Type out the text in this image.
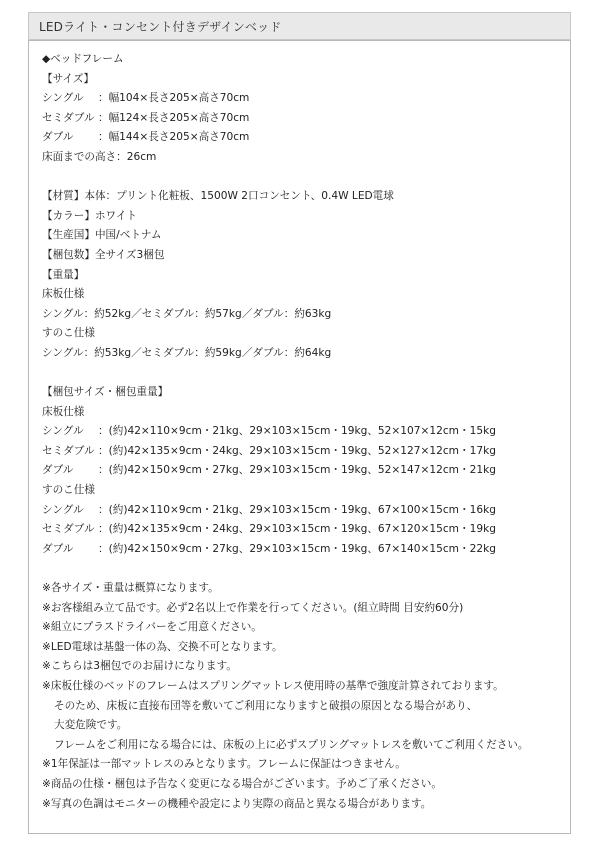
LEDライト・コンセント付きデザインベッド
◆ベッドフレーム
【サイズ】
シングル ：幅104×長さ205×高さ70cm
セミダブル ：幅124×長さ205×高さ70cm
ダブル ：幅144×長さ205×高さ70cm
床面までの高さ：26cm
【材質】本体：プリント化粧板、1500W 2口コンセント、0.4W LED電球
【カラー】ホワイト
【生産国】中国/ベトナム
【梱包数】全サイズ3梱包
【重量】
床板仕様
シングル：約52kg／セミダブル：約57kg／ダブル：約63kg
すのこ仕様
シングル：約53kg／セミダブル：約59kg／ダブル：約64kg
【梱包サイズ・梱包重量】
床板仕様
シングル ：(約)42×110×9cm・21kg、29×103×15cm・19kg、52×107×12cm・15kg
セミダブル ：(約)42×135×9cm・24kg、29×103×15cm・19kg、52×127×12cm・17kg
ダブル ：(約)42×150×9cm・27kg、29×103×15cm・19kg、52×147×12cm・21kg
すのこ仕様
シングル ：(約)42×110×9cm・21kg、29×103×15cm・19kg、67×100×15cm・16kg
セミダブル ：(約)42×135×9cm・24kg、29×103×15cm・19kg、67×120×15cm・19kg
ダブル ：(約)42×150×9cm・27kg、29×103×15cm・19kg、67×140×15cm・22kg
※各サイズ・重量は概算になります。
※お客様組み立て品です。必ず2名以上で作業を行ってください。(組立時間 目安約60分)
※組立にプラスドライバーをご用意ください。
※LED電球は基盤一体の為、交換不可となります。
※こちらは3梱包でのお届けになります。
※床板仕様のベッドのフレームはスプリングマットレス使用時の基準で強度計算されております。
そのため、床板に直接布団等を敷いてご利用になりますと破損の原因となる場合があり、
大変危険です。
フレームをご利用になる場合には、床板の上に必ずスプリングマットレスを敷いてご利用ください。
※1年保証は一部マットレスのみとなります。フレームに保証はつきません。
※商品の仕様・梱包は予告なく変更になる場合がございます。予めご了承ください。
※写真の色調はモニターの機種や設定により実際の商品と異なる場合があります。
